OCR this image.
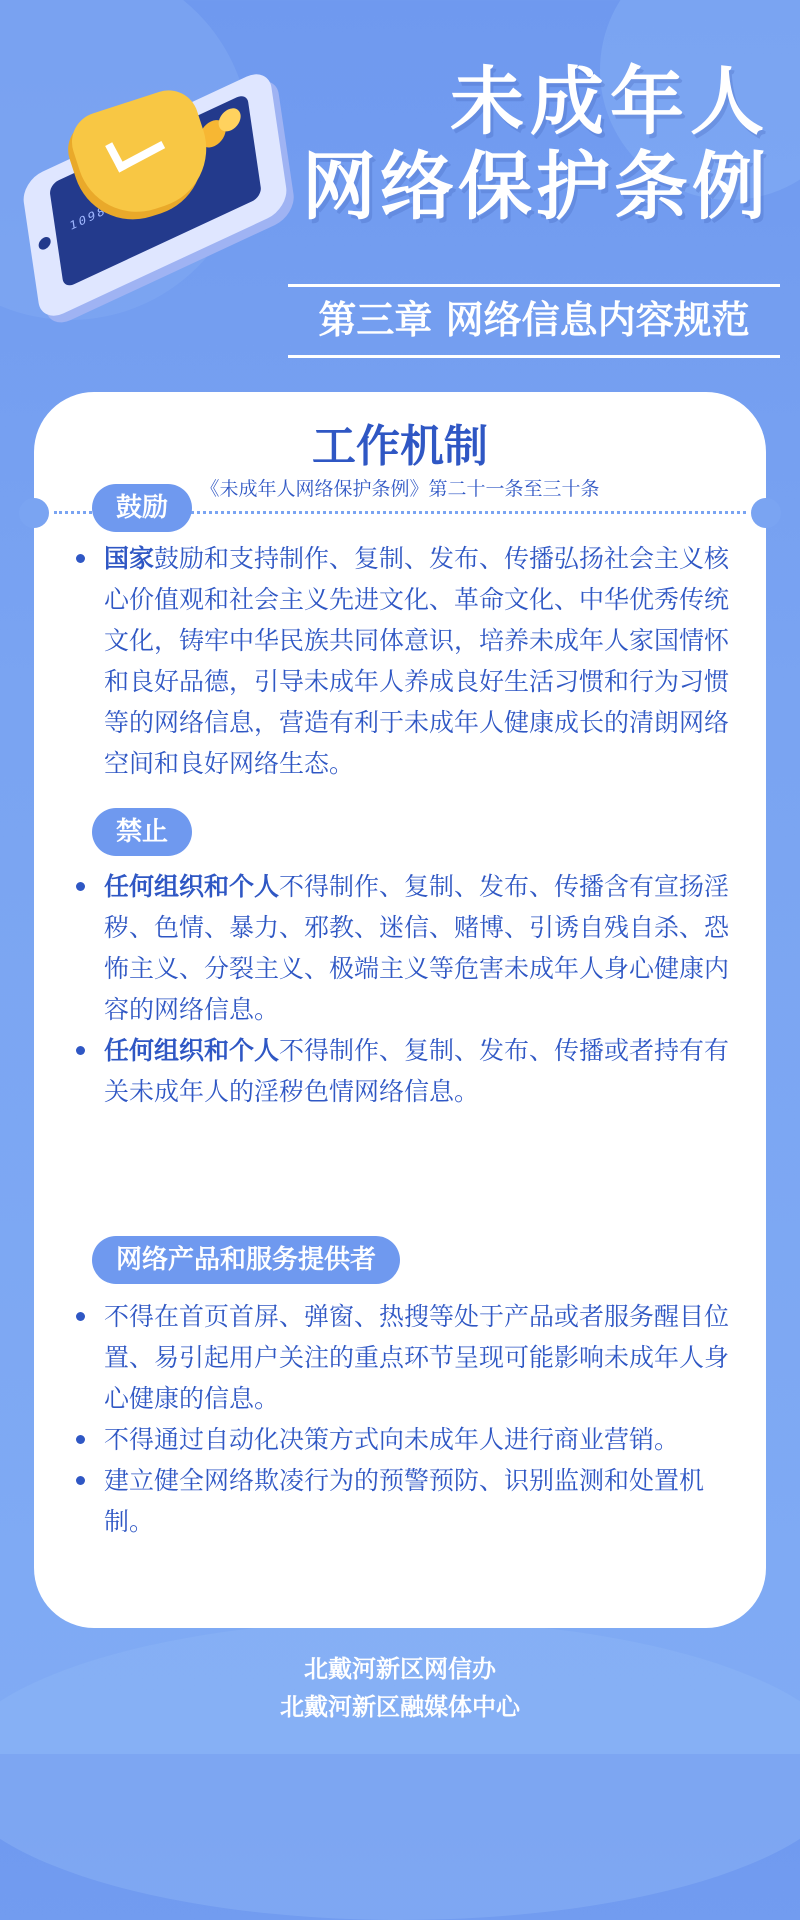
未成年人
网络保护条例
第三章 网络信息内容规范
工作机制
《未成年人网络保护条例》第二十一条至三十条
鼓励
国家鼓励和支持制作、复制、发布、传播弘扬社会主义核心价值观和社会主义先进文化、革命文化、中华优秀传统文化，铸牢中华民族共同体意识，培养未成年人家国情怀和良好品德，引导未成年人养成良好生活习惯和行为习惯等的网络信息，营造有利于未成年人健康成长的清朗网络空间和良好网络生态。
禁止
任何组织和个人不得制作、复制、发布、传播含有宣扬淫秽、色情、暴力、邪教、迷信、赌博、引诱自残自杀、恐怖主义、分裂主义、极端主义等危害未成年人身心健康内容的网络信息。
任何组织和个人不得制作、复制、发布、传播或者持有有关未成年人的淫秽色情网络信息。
网络产品和服务提供者
不得在首页首屏、弹窗、热搜等处于产品或者服务醒目位置、易引起用户关注的重点环节呈现可能影响未成年人身心健康的信息。
不得通过自动化决策方式向未成年人进行商业营销。
建立健全网络欺凌行为的预警预防、识别监测和处置机制。
北戴河新区网信办
北戴河新区融媒体中心
